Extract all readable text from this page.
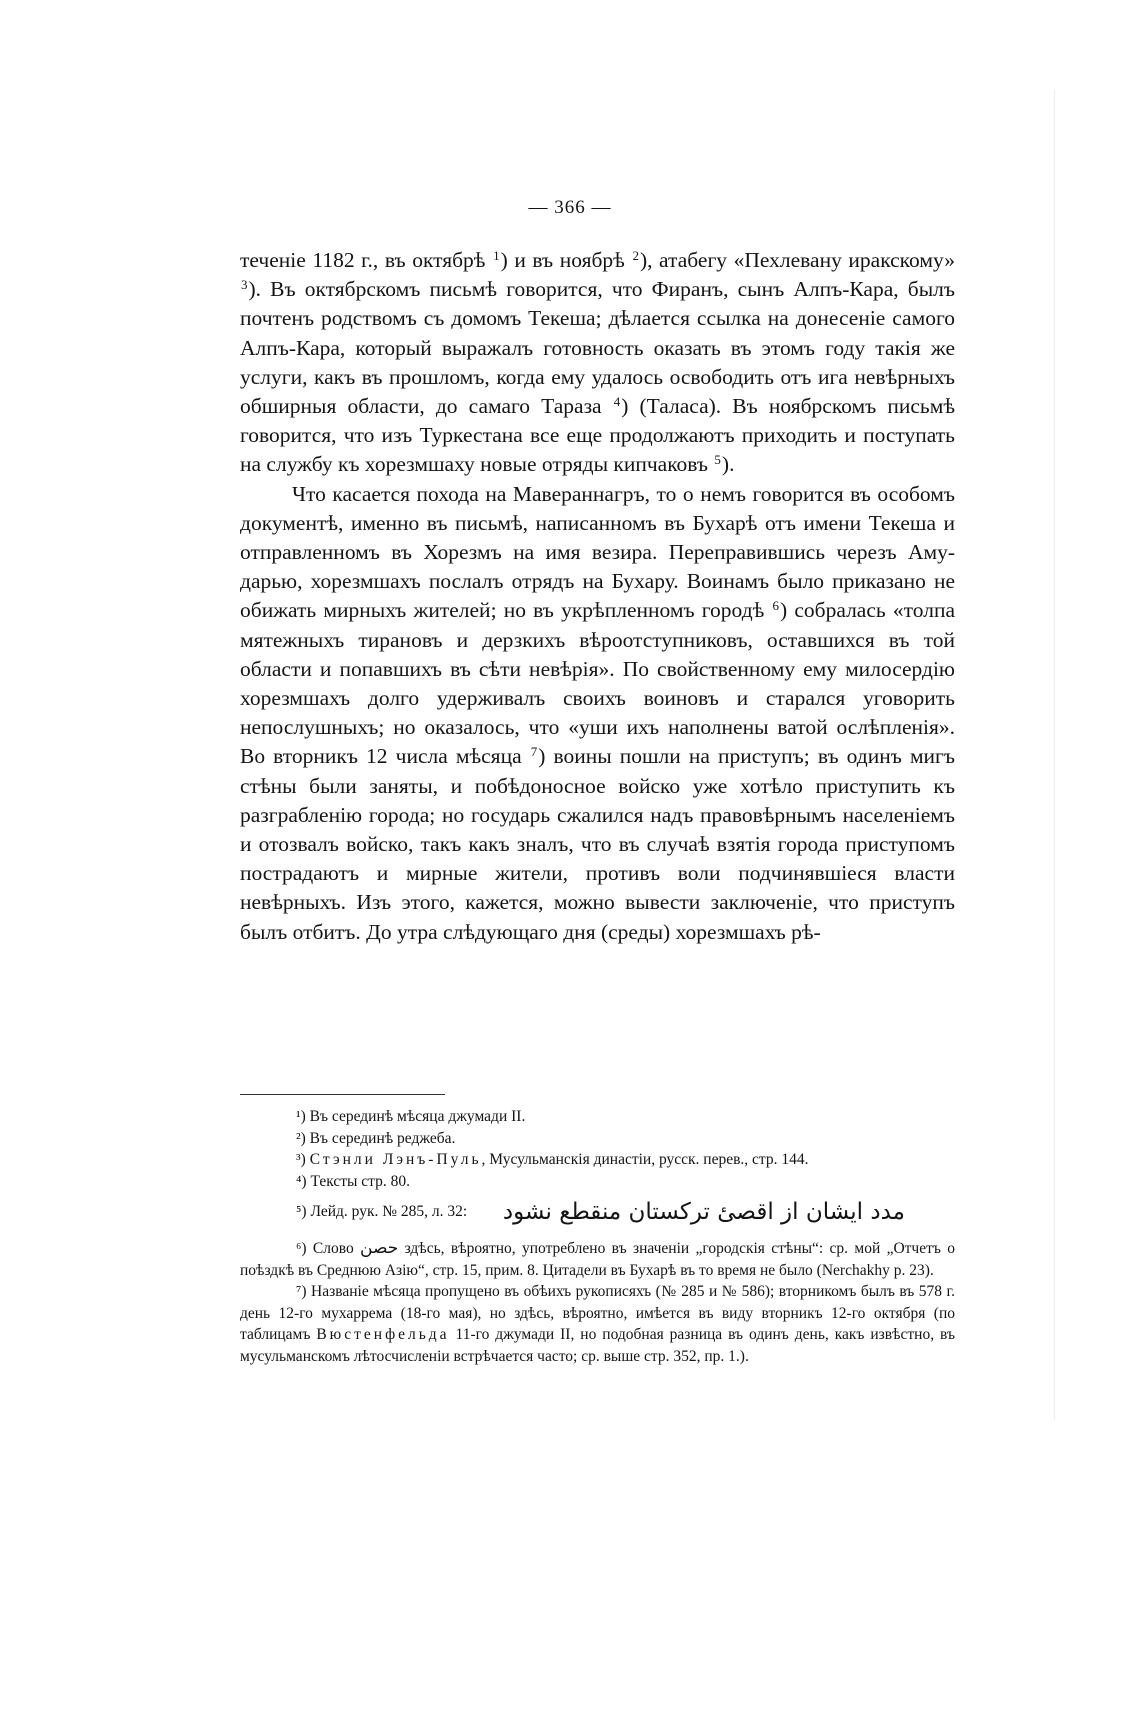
— 366 —

теченіе 1182 г., въ октябрѣ $^1$) и въ ноябрѣ $^2$), атабегу «Пехлевану иракскому» $^3$). Въ октябрскомъ письмѣ говорится, что Фиранъ, сынъ Алпъ-Кара, былъ почтенъ родствомъ съ домомъ Текеша; дѣлается ссылка на донесеніе самого Алпъ-Кара, который выражалъ готовность оказать въ этомъ году такія же услуги, какъ въ прошломъ, когда ему удалось освободить отъ ига невѣрныхъ обширныя области, до самаго Тараза $^4$) (Таласа). Въ ноябрскомъ письмѣ говорится, что изъ Туркестана все еще продолжаютъ приходить и поступать на службу къ хорезмшаху новые отряды кипчаковъ $^5$).

Что касается похода на Мавераннагръ, то о немъ говорится въ особомъ документѣ, именно въ письмѣ, написанномъ въ Бухарѣ отъ имени Текеша и отправленномъ въ Хорезмъ на имя везира. Переправившись черезъ Аму-дарью, хорезмшахъ послалъ отрядъ на Бухару. Воинамъ было приказано не обижать мирныхъ жителей; но въ укрѣпленномъ городѣ $^6$) собралась «толпа мятежныхъ тирановъ и дерзкихъ вѣроотступниковъ, оставшихся въ той области и попавшихъ въ сѣти невѣрія». По свойственному ему милосердію хорезмшахъ долго удерживалъ своихъ воиновъ и старался уговорить непослушныхъ; но оказалось, что «уши ихъ наполнены ватой ослѣпленія». Во вторникъ 12 числа мѣсяца $^7$) воины пошли на приступъ; въ одинъ мигъ стѣны были заняты, и побѣдоносное войско уже хотѣло приступить къ разграбленію города; но государь сжалился надъ правовѣрнымъ населеніемъ и отозвалъ войско, такъ какъ зналъ, что въ случаѣ взятія города приступомъ пострадаютъ и мирные жители, противъ воли подчинявшіеся власти невѣрныхъ. Изъ этого, кажется, можно вывести заключеніе, что приступъ былъ отбитъ. До утра слѣдующаго дня (среды) хорезмшахъ рѣ-

¹) Въ серединѣ мѣсяца джумади II.

²) Въ серединѣ реджеба.

³) Стэнли Лэнъ-Пуль, Мусульманскія династіи, русск. перев., стр. 144.

⁴) Тексты стр. 80.

⁵) Лейд. рук. № 285, л. 32: مدد ایشان از اقصیٔ ترکستان منقطع نشود

⁶) Слово حصن здѣсь, вѣроятно, употреблено въ значеніи „городскія стѣны“: ср. мой „Отчетъ о поѣздкѣ въ Среднюю Азію“, стр. 15, прим. 8. Цитадели въ Бухарѣ въ то время не было (Nerchakhy p. 23).

⁷) Названіе мѣсяца пропущено въ обѣихъ рукописяхъ (№ 285 и № 586); вторникомъ былъ въ 578 г. день 12-го мухаррема (18-го мая), но здѣсь, вѣроятно, имѣется въ виду вторникъ 12-го октября (по таблицамъ Вюстенфельда 11-го джумади II, но подобная разница въ одинъ день, какъ извѣстно, въ мусульманскомъ лѣтосчисленіи встрѣчается часто; ср. выше стр. 352, пр. 1.).
